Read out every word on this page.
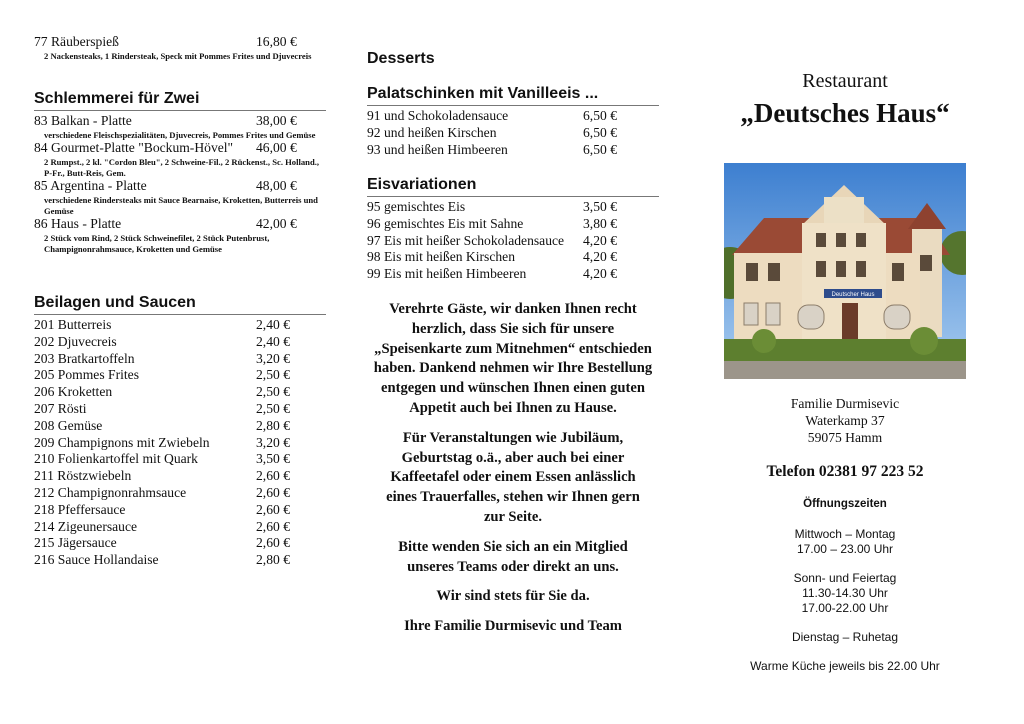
77 Räuberspieß	16,80 €
2 Nackensteaks, 1 Rindersteak, Speck mit Pommes Frites und Djuvecreis
Schlemmerei für Zwei
83 Balkan - Platte	38,00 €
verschiedene Fleischspezialitäten, Djuvecreis, Pommes Frites und Gemüse
84 Gourmet-Platte "Bockum-Hövel" 46,00 €
2 Rumpst., 2 kl. "Cordon Bleu", 2 Schweine-Fil., 2 Rückenst., Sc. Holland., P-Fr., Butt-Reis, Gem.
85 Argentina - Platte	48,00 €
verschiedene Rindersteaks mit Sauce Bearnaise, Kroketten, Butterreis und Gemüse
86 Haus - Platte	42,00 €
2 Stück vom Rind, 2 Stück Schweinefilet, 2 Stück Putenbrust, Champignonrahmsauce, Kroketten und Gemüse
Beilagen und Saucen
201 Butterreis	2,40 €
202 Djuvecreis	2,40 €
203 Bratkartoffeln	3,20 €
205 Pommes Frites	2,50 €
206 Kroketten	2,50 €
207 Rösti	2,50 €
208 Gemüse	2,80 €
209 Champignons mit Zwiebeln	3,20 €
210 Folienkartoffel mit Quark	3,50 €
211 Röstzwiebeln	2,60 €
212 Champignonrahmsauce	2,60 €
218 Pfeffersauce	2,60 €
214 Zigeunersauce	2,60 €
215 Jägersauce	2,60 €
216 Sauce Hollandaise	2,80 €
Desserts
Palatschinken mit Vanilleeis ...
91 und Schokoladensauce	6,50 €
92 und heißen Kirschen	6,50 €
93 und heißen Himbeeren	6,50 €
Eisvariationen
95 gemischtes Eis	3,50 €
96 gemischtes Eis mit Sahne	3,80 €
97 Eis mit heißer Schokoladensauce 4,20 €
98 Eis mit heißen Kirschen	4,20 €
99 Eis mit heißen Himbeeren	4,20 €

Verehrte Gäste, wir danken Ihnen recht herzlich, dass Sie sich für unsere „Speisenkarte zum Mitnehmen“ entschieden haben. Dankend nehmen wir Ihre Bestellung entgegen und wünschen Ihnen einen guten Appetit auch bei Ihnen zu Hause.

Für Veranstaltungen wie Jubiläum, Geburtstag o.ä., aber auch bei einer Kaffeetafel oder einem Essen anlässlich eines Trauerfalles, stehen wir Ihnen gern zur Seite.

Bitte wenden Sie sich an ein Mitglied unseres Teams oder direkt an uns.

Wir sind stets für Sie da.

Ihre Familie Durmisevic und Team

Restaurant
„Deutsches Haus“
Familie Durmisevic
Waterkamp 37
59075 Hamm
Telefon 02381 97 223 52
Öffnungszeiten
Mittwoch – Montag
17.00 – 23.00 Uhr
Sonn- und Feiertag
11.30-14.30 Uhr
17.00-22.00 Uhr
Dienstag – Ruhetag
Warme Küche jeweils bis 22.00 Uhr
Deutscher Haus
